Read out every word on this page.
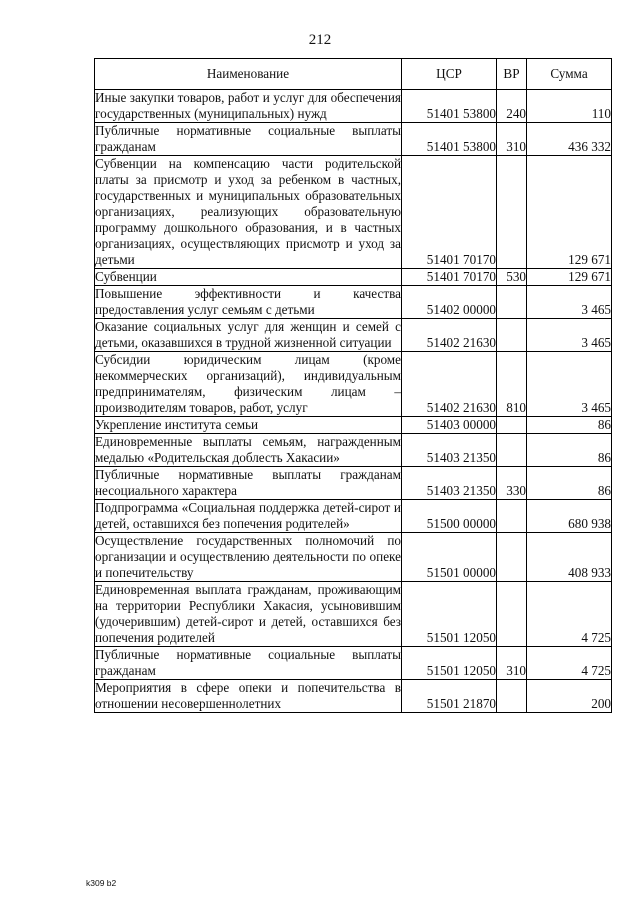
212
Наименование	ЦСР	ВР	Сумма
Иные закупки товаров, работ и услуг для обеспечения государственных (муниципальных) нужд	51401 53800	240	110
Публичные нормативные социальные выплаты гражданам	51401 53800	310	436 332
Субвенции на компенсацию части родительской платы за присмотр и уход за ребенком в частных, государственных и муниципальных образовательных организациях, реализующих образовательную программу дошкольного образования, и в частных организациях, осуществляющих присмотр и уход за детьми	51401 70170		129 671
Субвенции	51401 70170	530	129 671
Повышение эффективности и качества предоставления услуг семьям с детьми	51402 00000		3 465
Оказание социальных услуг для женщин и семей с детьми, оказавшихся в трудной жизненной ситуации	51402 21630		3 465
Субсидии юридическим лицам (кроме некоммерческих организаций), индивидуальным предпринимателям, физическим лицам – производителям товаров, работ, услуг	51402 21630	810	3 465
Укрепление института семьи	51403 00000		86
Единовременные выплаты семьям, награжденным медалью «Родительская доблесть Хакасии»	51403 21350		86
Публичные нормативные выплаты гражданам несоциального характера	51403 21350	330	86
Подпрограмма «Социальная поддержка детей-сирот и детей, оставшихся без попечения родителей»	51500 00000		680 938
Осуществление государственных полномочий по организации и осуществлению деятельности по опеке и попечительству	51501 00000		408 933
Единовременная выплата гражданам, проживающим на территории Республики Хакасия, усыновившим (удочерившим) детей-сирот и детей, оставшихся без попечения родителей	51501 12050		4 725
Публичные нормативные социальные выплаты гражданам	51501 12050	310	4 725
Мероприятия в сфере опеки и попечительства в отношении несовершеннолетних	51501 21870		200
k309 b2
